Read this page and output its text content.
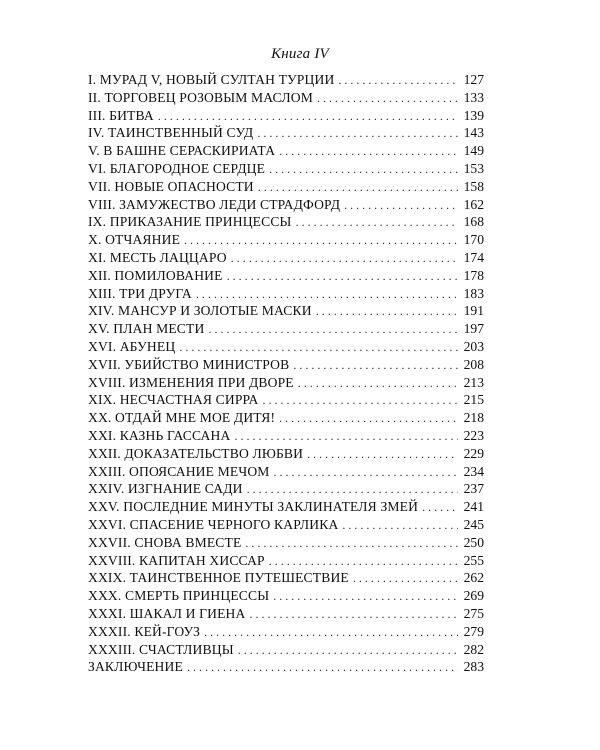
Книга IV
I. МУРАД V, НОВЫЙ СУЛТАН ТУРЦИИ . . .	127
II. ТОРГОВЕЦ РОЗОВЫМ МАСЛОМ . . .	133
III. БИТВА . . .	139
IV. ТАИНСТВЕННЫЙ СУД . . .	143
V. В БАШНЕ СЕРАСКИРИАТА . . .	149
VI. БЛАГОРОДНОЕ СЕРДЦЕ . . .	153
VII. НОВЫЕ ОПАСНОСТИ . . .	158
VIII. ЗАМУЖЕСТВО ЛЕДИ СТРАДФОРД . . .	162
IX. ПРИКАЗАНИЕ ПРИНЦЕССЫ . . .	168
X. ОТЧАЯНИЕ . . .	170
XI. МЕСТЬ ЛАЦЦАРО . . .	174
XII. ПОМИЛОВАНИЕ . . .	178
XIII. ТРИ ДРУГА . . .	183
XIV. МАНСУР И ЗОЛОТЫЕ МАСКИ . . .	191
XV. ПЛАН МЕСТИ . . .	197
XVI. АБУНЕЦ . . .	203
XVII. УБИЙСТВО МИНИСТРОВ . . .	208
XVIII. ИЗМЕНЕНИЯ ПРИ ДВОРЕ . . .	213
XIX. НЕСЧАСТНАЯ СИРРА . . .	215
XX. ОТДАЙ МНЕ МОЕ ДИТЯ! . . .	218
XXI. КАЗНЬ ГАССАНА . . .	223
XXII. ДОКАЗАТЕЛЬСТВО ЛЮБВИ . . .	229
XXIII. ОПОЯСАНИЕ МЕЧОМ . . .	234
XXIV. ИЗГНАНИЕ САДИ . . .	237
XXV. ПОСЛЕДНИЕ МИНУТЫ ЗАКЛИНАТЕЛЯ ЗМЕЙ . . .	241
XXVI. СПАСЕНИЕ ЧЕРНОГО КАРЛИКА . . .	245
XXVII. СНОВА ВМЕСТЕ . . .	250
XXVIII. КАПИТАН ХИССАР . . .	255
XXIX. ТАИНСТВЕННОЕ ПУТЕШЕСТВИЕ . . .	262
XXX. СМЕРТЬ ПРИНЦЕССЫ . . .	269
XXXI. ШАКАЛ И ГИЕНА . . .	275
XXXII. КЕЙ-ГОУЗ . . .	279
XXXIII. СЧАСТЛИВЦЫ . . .	282
ЗАКЛЮЧЕНИЕ . . .	283
